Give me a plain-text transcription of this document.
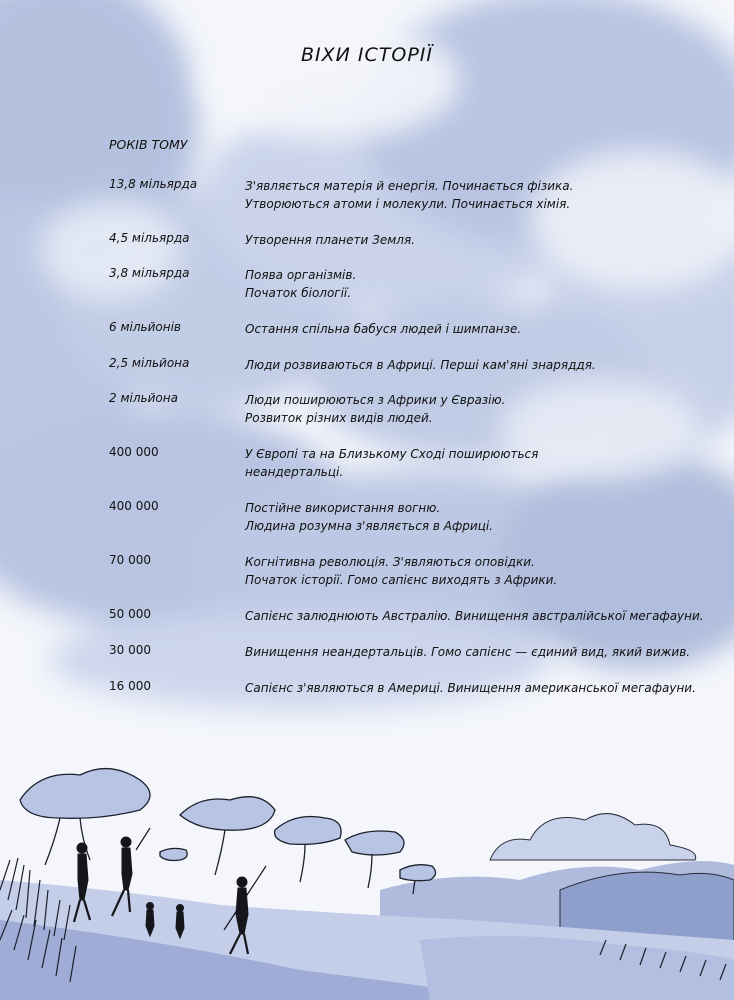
ВІХИ ІСТОРІЇ
РОКІВ ТОМУ
13,8 мільярда	З'являється матерія й енергія. Починається фізика.
Утворюються атоми і молекули. Починається хімія.
4,5 мільярда	Утворення планети Земля.
3,8 мільярда	Поява організмів.
Початок біології.
6 мільйонів	Остання спільна бабуся людей і шимпанзе.
2,5 мільйона	Люди розвиваються в Африці. Перші кам'яні знаряддя.
2 мільйона	Люди поширюються з Африки у Євразію.
Розвиток різних видів людей.
400 000	У Європі та на Близькому Сході поширюються
неандертальці.
400 000	Постійне використання вогню.
Людина розумна з'являється в Африці.
70 000	Когнітивна революція. З'являються оповідки.
Початок історії. Гомо сапієнс виходять з Африки.
50 000	Сапієнс залюднюють Австралію. Винищення австралійської мегафауни.
30 000	Винищення неандертальців. Гомо сапієнс — єдиний вид, який вижив.
16 000	Сапієнс з'являються в Америці. Винищення американської мегафауни.
